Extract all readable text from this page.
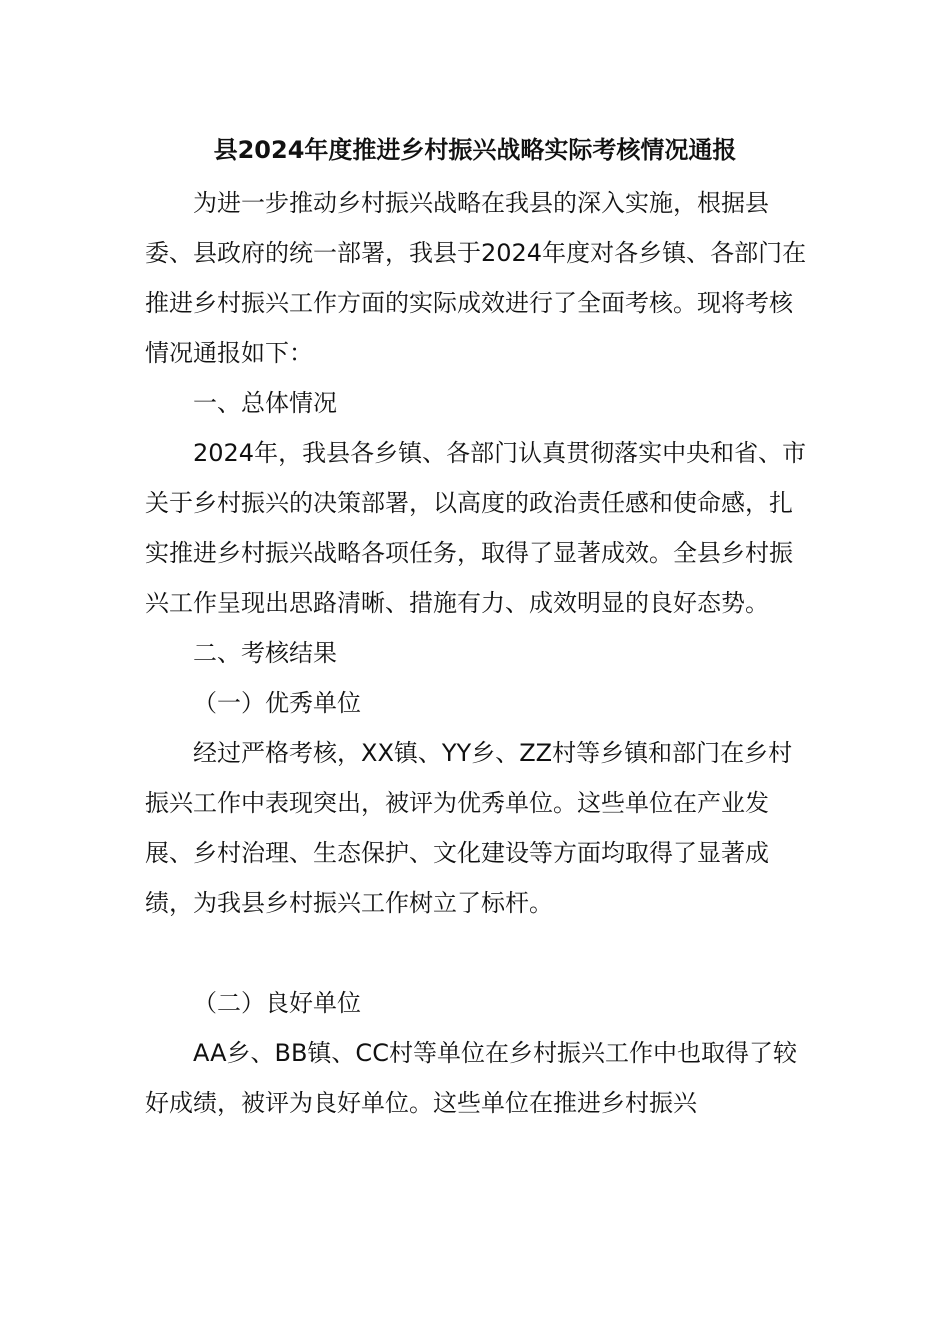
县2024年度推进乡村振兴战略实际考核情况通报

为进一步推动乡村振兴战略在我县的深入实施，根据县委、县政府的统一部署，我县于2024年度对各乡镇、各部门在推进乡村振兴工作方面的实际成效进行了全面考核。现将考核情况通报如下：

一、总体情况

2024年，我县各乡镇、各部门认真贯彻落实中央和省、市关于乡村振兴的决策部署，以高度的政治责任感和使命感，扎实推进乡村振兴战略各项任务，取得了显著成效。全县乡村振兴工作呈现出思路清晰、措施有力、成效明显的良好态势。

二、考核结果

（一）优秀单位

经过严格考核，XX镇、YY乡、ZZ村等乡镇和部门在乡村振兴工作中表现突出，被评为优秀单位。这些单位在产业发展、乡村治理、生态保护、文化建设等方面均取得了显著成绩，为我县乡村振兴工作树立了标杆。

（二）良好单位

AA乡、BB镇、CC村等单位在乡村振兴工作中也取得了较好成绩，被评为良好单位。这些单位在推进乡村振兴
